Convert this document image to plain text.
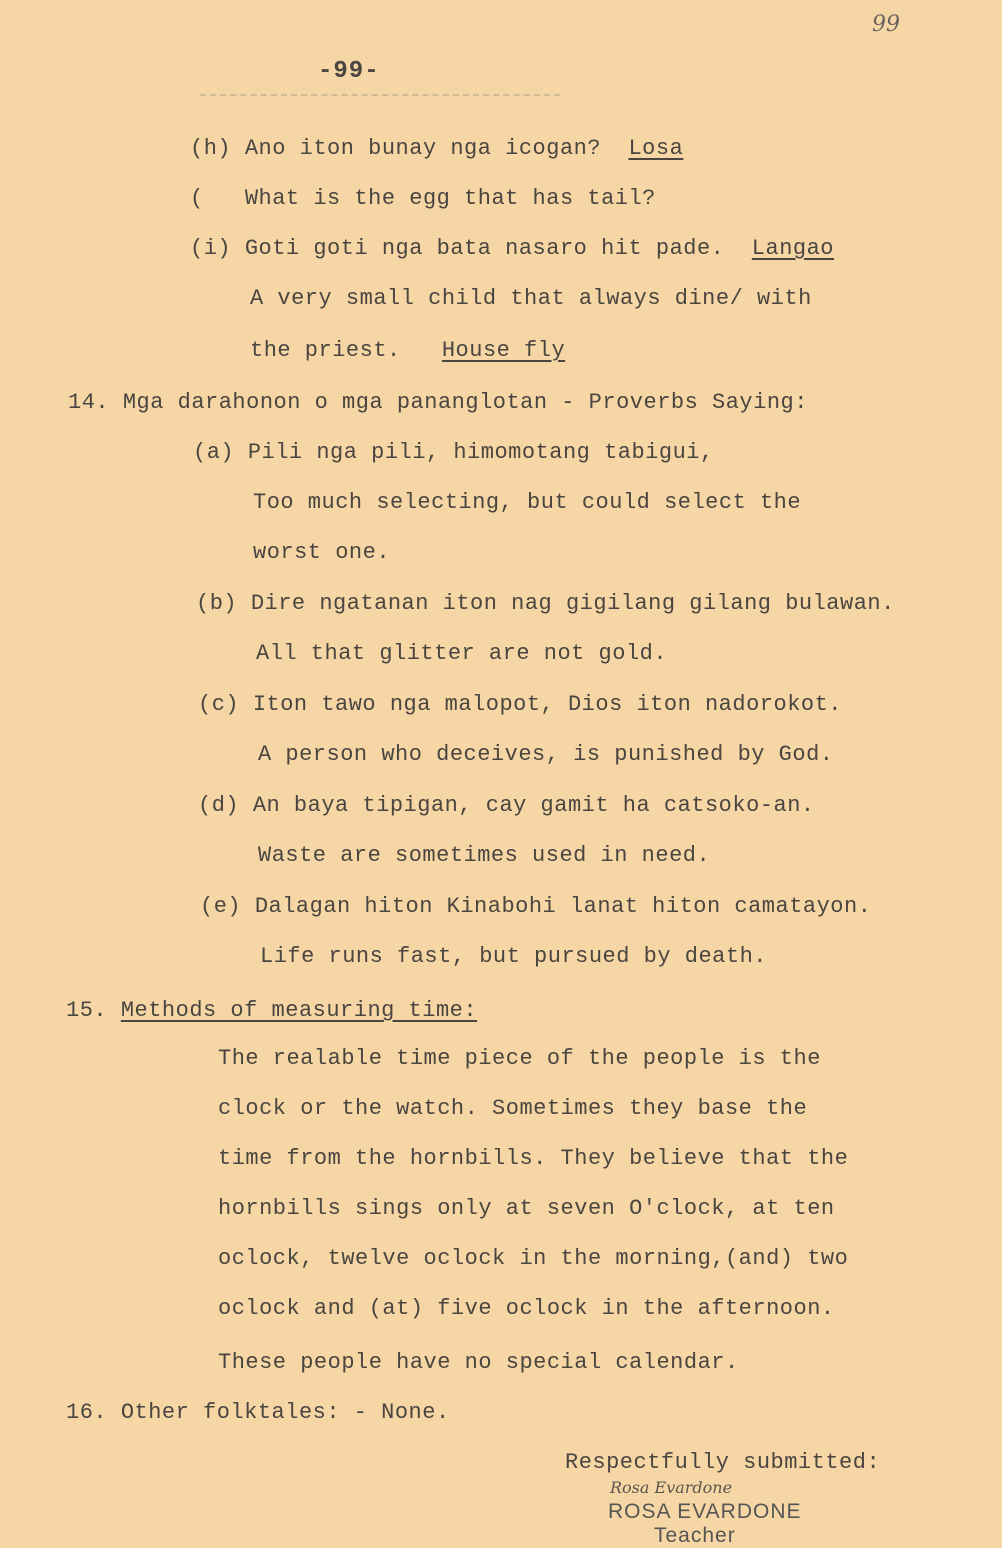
99
-99-
(h) Ano iton bunay nga icogan? Losa
( What is the egg that has tail?
(i) Goti goti nga bata nasaro hit pade. Langao
A very small child that always dine/ with
the priest. House fly
14. Mga darahonon o mga pananglotan - Proverbs Saying:
(a) Pili nga pili, himomotang tabigui,
Too much selecting, but could select the
worst one.
(b) Dire ngatanan iton nag gigilang gilang bulawan.
All that glitter are not gold.
(c) Iton tawo nga malopot, Dios iton nadorokot.
A person who deceives, is punished by God.
(d) An baya tipigan, cay gamit ha catsoko-an.
Waste are sometimes used in need.
(e) Dalagan hiton Kinabohi lanat hiton camatayon.
Life runs fast, but pursued by death.
15. Methods of measuring time:
The realable time piece of the people is the
clock or the watch. Sometimes they base the
time from the hornbills. They believe that the
hornbills sings only at seven O'clock, at ten
oclock, twelve oclock in the morning,(and) two
oclock and (at) five oclock in the afternoon.
These people have no special calendar.
16. Other folktales: - None.
Respectfully submitted:
Rosa Evardone
ROSA EVARDONE
Teacher
